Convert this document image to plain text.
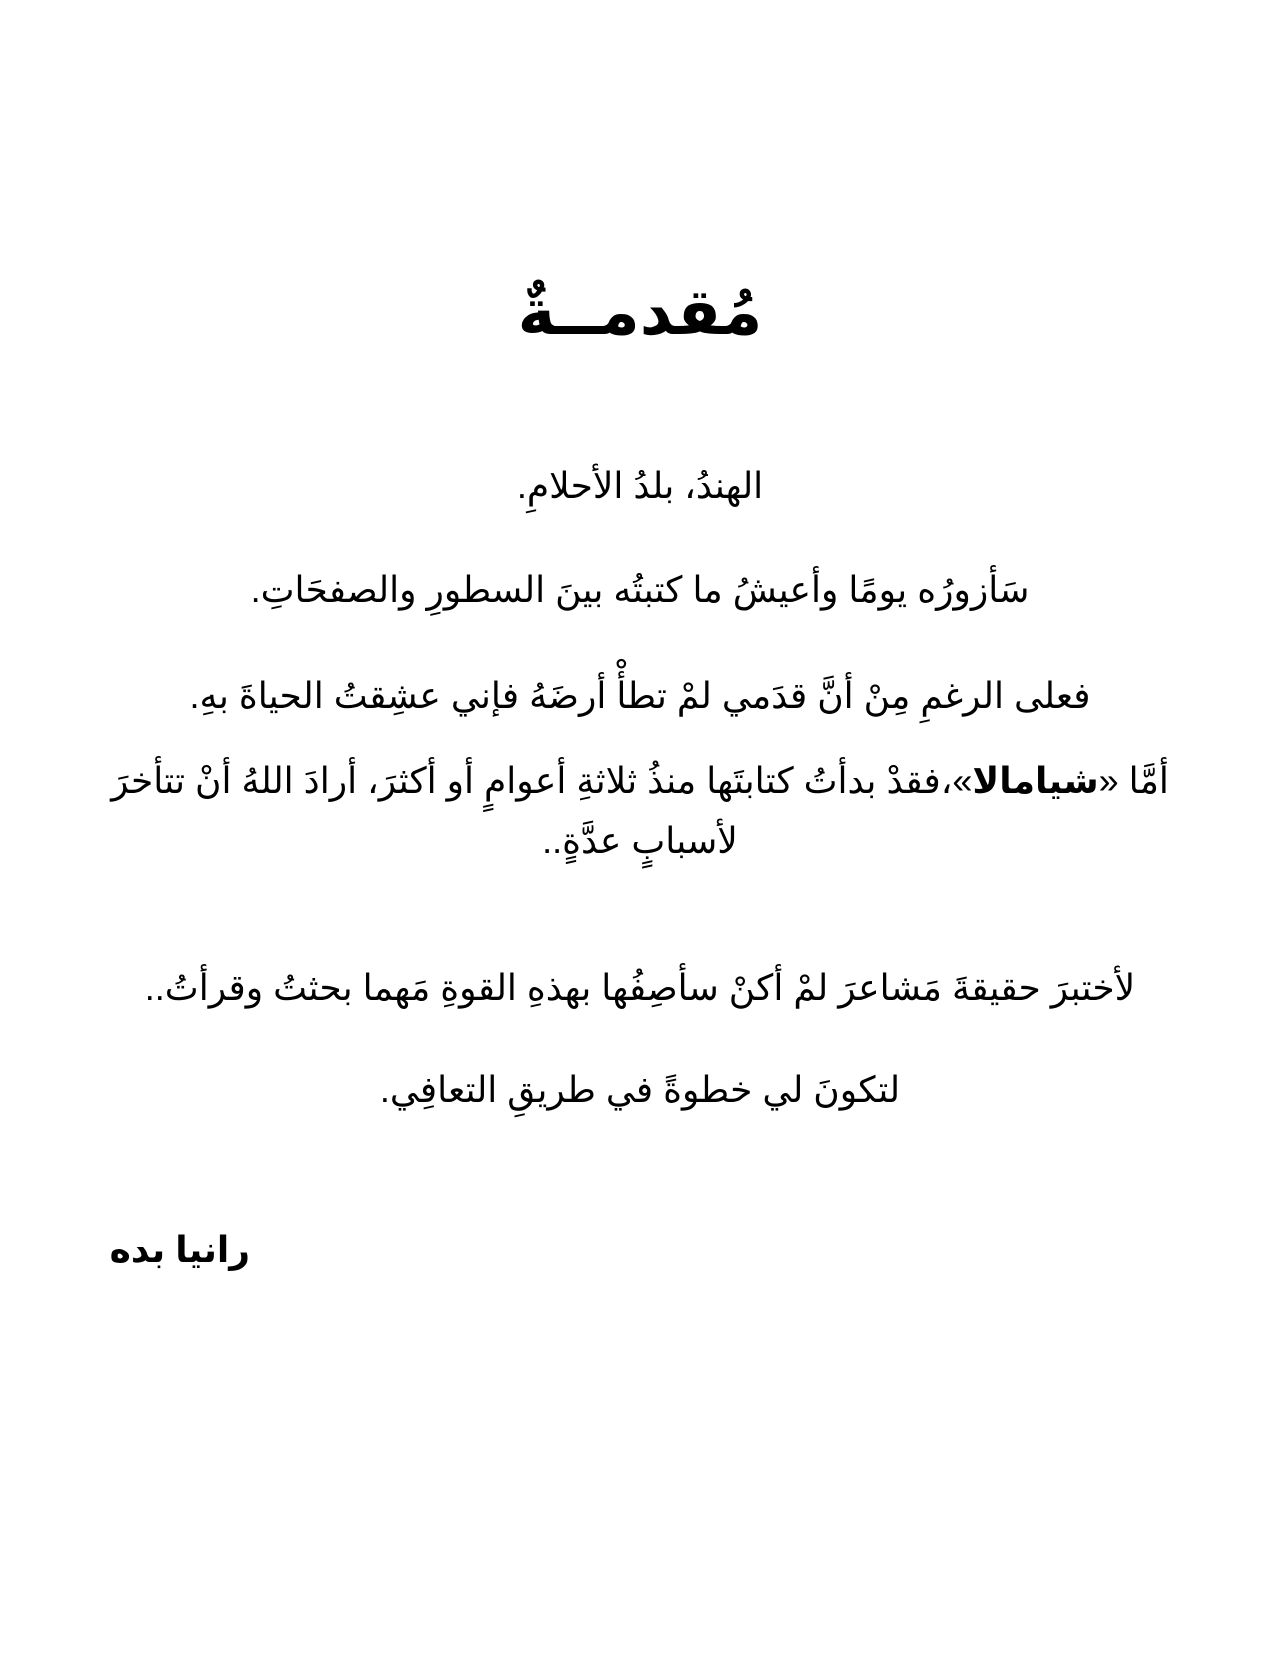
مُقدمــةٌ

الهندُ، بلدُ الأحلامِ.

سَأزورُه يومًا وأعيشُ ما كتبتُه بينَ السطورِ والصفحَاتِ.

فعلى الرغمِ مِنْ أنَّ قدَمي لمْ تطأْ أرضَهُ فإني عشِقتُ الحياةَ بهِ.

أمَّا «شيامالا»،فقدْ بدأتُ كتابتَها منذُ ثلاثةِ أعوامٍ أو أكثرَ، أرادَ اللهُ أنْ تتأخرَ لأسبابٍ عدَّةٍ..

لأختبرَ حقيقةَ مَشاعرَ لمْ أكنْ سأصِفُها بهذهِ القوةِ مَهما بحثتُ وقرأتُ..

لتكونَ لي خطوةً في طريقِ التعافِي.

رانيا بده
